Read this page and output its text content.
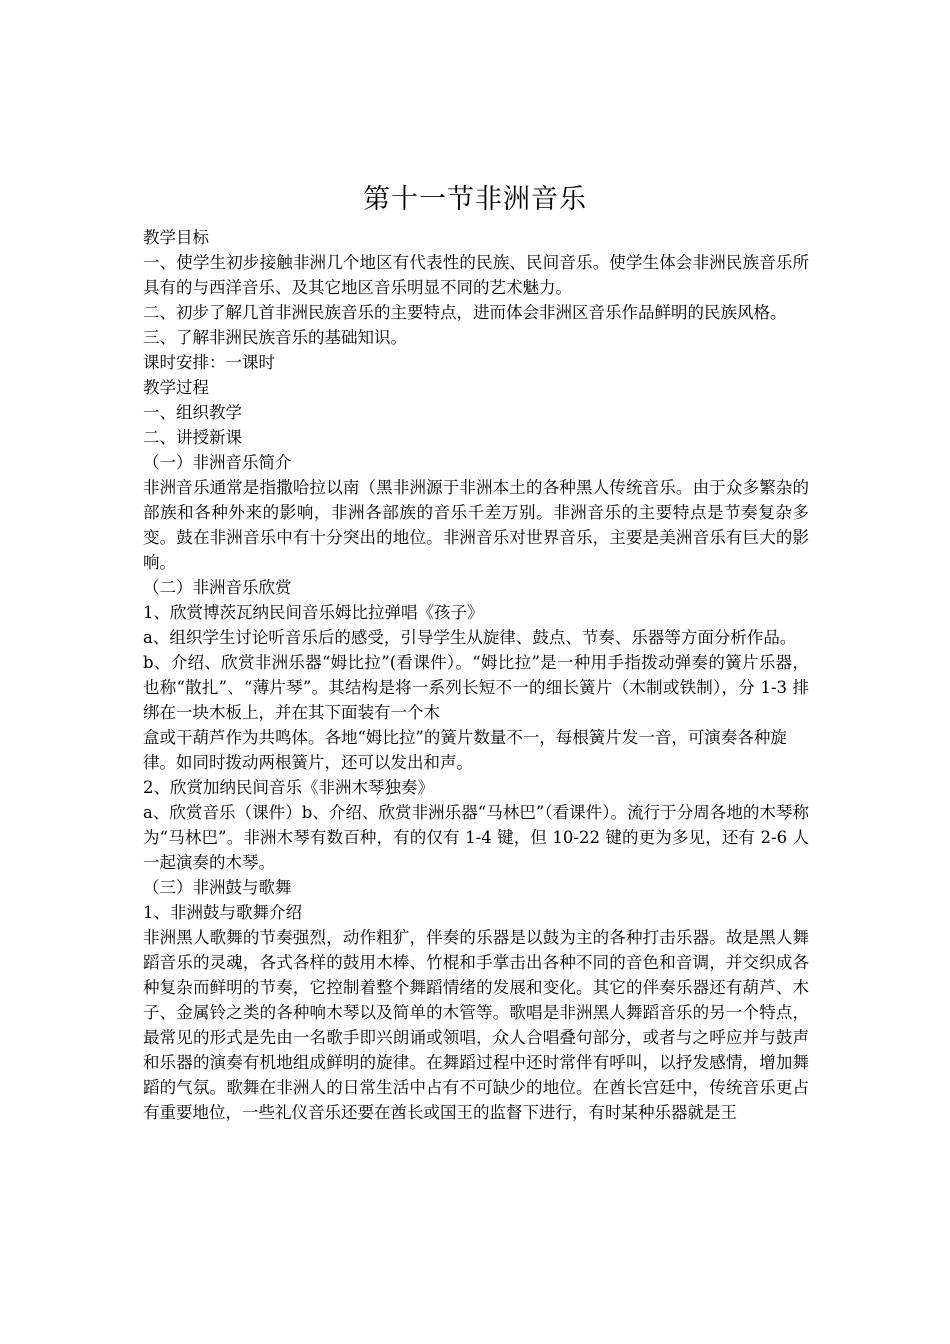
第十一节非洲音乐

教学目标

一、使学生初步接触非洲几个地区有代表性的民族、民间音乐。使学生体会非洲民族音乐所具有的与西洋音乐、及其它地区音乐明显不同的艺术魅力。

二、初步了解几首非洲民族音乐的主要特点，进而体会非洲区音乐作品鲜明的民族风格。

三、了解非洲民族音乐的基础知识。

课时安排：一课时

教学过程

一、组织教学

二、讲授新课

（一）非洲音乐简介

非洲音乐通常是指撒哈拉以南（黑非洲源于非洲本土的各种黑人传统音乐。由于众多繁杂的部族和各种外来的影响，非洲各部族的音乐千差万别。非洲音乐的主要特点是节奏复杂多变。鼓在非洲音乐中有十分突出的地位。非洲音乐对世界音乐，主要是美洲音乐有巨大的影响。

（二）非洲音乐欣赏

1、欣赏博茨瓦纳民间音乐姆比拉弹唱《孩子》

a、组织学生讨论听音乐后的感受，引导学生从旋律、鼓点、节奏、乐器等方面分析作品。

b、介绍、欣赏非洲乐器“姆比拉”(看课件）。“姆比拉”是一种用手指拨动弹奏的簧片乐器，也称“散扎”、“薄片琴”。其结构是将一系列长短不一的细长簧片（木制或铁制），分 1-3 排绑在一块木板上，并在其下面装有一个木

盒或干葫芦作为共鸣体。各地“姆比拉”的簧片数量不一，每根簧片发一音，可演奏各种旋

律。如同时拨动两根簧片，还可以发出和声。

2、欣赏加纳民间音乐《非洲木琴独奏》

a、欣赏音乐（课件）b、介绍、欣赏非洲乐器“马林巴”（看课件）。流行于分周各地的木琴称为“马林巴”。非洲木琴有数百种，有的仅有 1-4 键，但 10-22 键的更为多见，还有 2-6 人一起演奏的木琴。

（三）非洲鼓与歌舞

1、非洲鼓与歌舞介绍

非洲黑人歌舞的节奏强烈，动作粗犷，伴奏的乐器是以鼓为主的各种打击乐器。故是黑人舞蹈音乐的灵魂，各式各样的鼓用木棒、竹棍和手掌击出各种不同的音色和音调，并交织成各种复杂而鲜明的节奏，它控制着整个舞蹈情绪的发展和变化。其它的伴奏乐器还有葫芦、木子、金属铃之类的各种响木琴以及简单的木管等。歌唱是非洲黑人舞蹈音乐的另一个特点，最常见的形式是先由一名歌手即兴朗诵或领唱，众人合唱叠句部分，或者与之呼应并与鼓声和乐器的演奏有机地组成鲜明的旋律。在舞蹈过程中还时常伴有呼叫，以抒发感情，增加舞蹈的气氛。歌舞在非洲人的日常生活中占有不可缺少的地位。在酋长宫廷中，传统音乐更占有重要地位，一些礼仪音乐还要在酋长或国王的监督下进行，有时某种乐器就是王
